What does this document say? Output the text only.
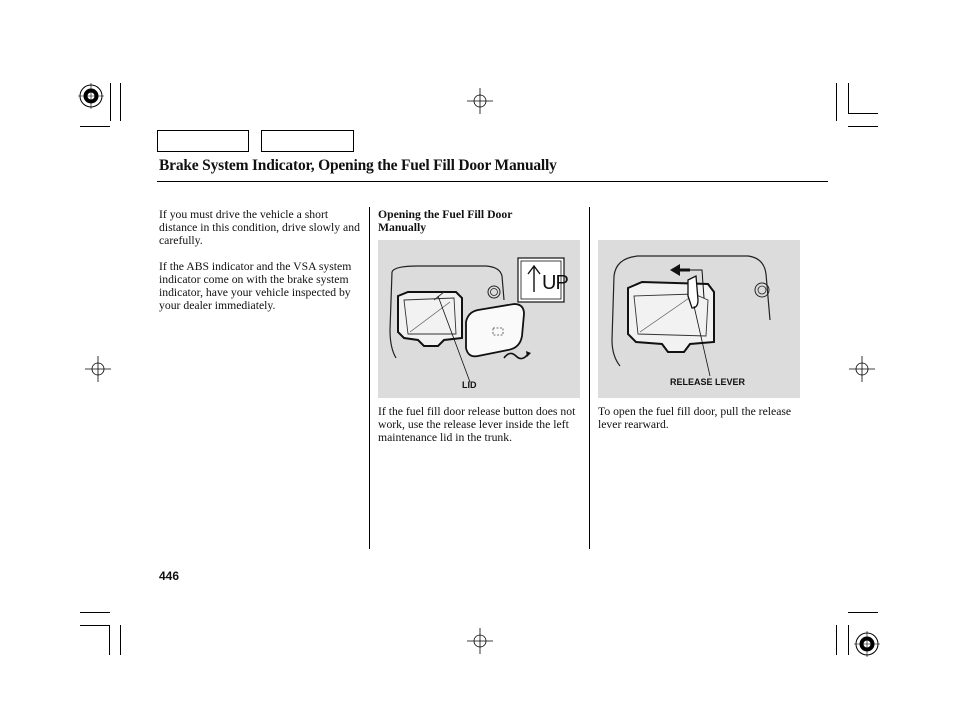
Brake System Indicator, Opening the Fuel Fill Door Manually
If you must drive the vehicle a short distance in this condition, drive slowly and carefully.
If the ABS indicator and the VSA system indicator come on with the brake system indicator, have your vehicle inspected by your dealer immediately.
Opening the Fuel Fill Door Manually
UP
LID
If the fuel fill door release button does not work, use the release lever inside the left maintenance lid in the trunk.
RELEASE LEVER
To open the fuel fill door, pull the release lever rearward.
446
